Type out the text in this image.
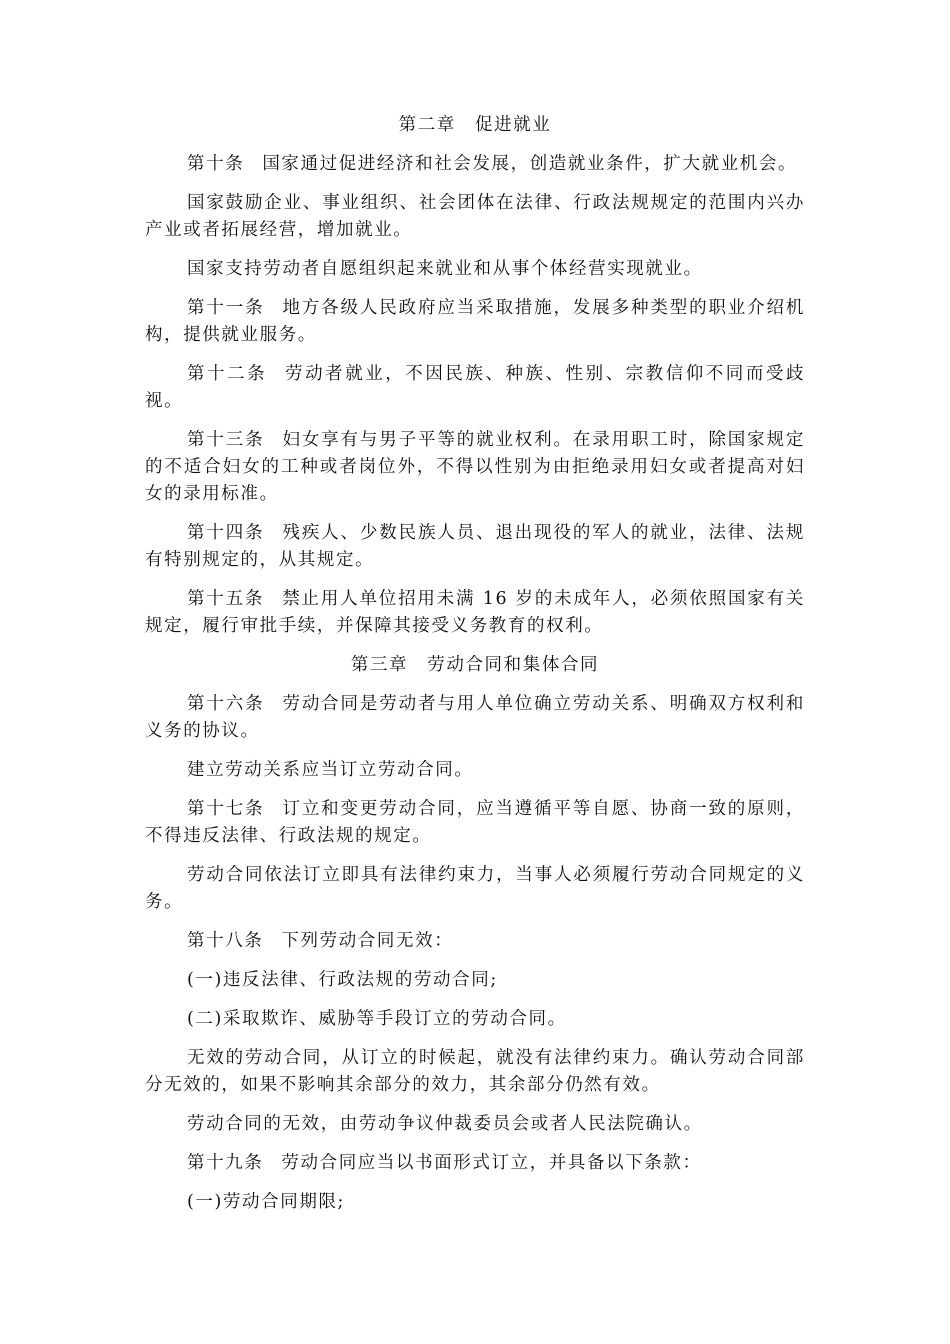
第二章　促进就业

第十条 国家通过促进经济和社会发展，创造就业条件，扩大就业机会。

国家鼓励企业、事业组织、社会团体在法律、行政法规规定的范围内兴办产业或者拓展经营，增加就业。

国家支持劳动者自愿组织起来就业和从事个体经营实现就业。

第十一条 地方各级人民政府应当采取措施，发展多种类型的职业介绍机构，提供就业服务。

第十二条 劳动者就业，不因民族、种族、性别、宗教信仰不同而受歧视。

第十三条 妇女享有与男子平等的就业权利。在录用职工时，除国家规定的不适合妇女的工种或者岗位外，不得以性别为由拒绝录用妇女或者提高对妇女的录用标准。

第十四条 残疾人、少数民族人员、退出现役的军人的就业，法律、法规有特别规定的，从其规定。

第十五条 禁止用人单位招用未满 16 岁的未成年人，必须依照国家有关规定，履行审批手续，并保障其接受义务教育的权利。

第三章　劳动合同和集体合同

第十六条 劳动合同是劳动者与用人单位确立劳动关系、明确双方权利和义务的协议。

建立劳动关系应当订立劳动合同。

第十七条 订立和变更劳动合同，应当遵循平等自愿、协商一致的原则，不得违反法律、行政法规的规定。

劳动合同依法订立即具有法律约束力，当事人必须履行劳动合同规定的义务。

第十八条 下列劳动合同无效：

(一)违反法律、行政法规的劳动合同;

(二)采取欺诈、威胁等手段订立的劳动合同。

无效的劳动合同，从订立的时候起，就没有法律约束力。确认劳动合同部分无效的，如果不影响其余部分的效力，其余部分仍然有效。

劳动合同的无效，由劳动争议仲裁委员会或者人民法院确认。

第十九条 劳动合同应当以书面形式订立，并具备以下条款：

(一)劳动合同期限;
